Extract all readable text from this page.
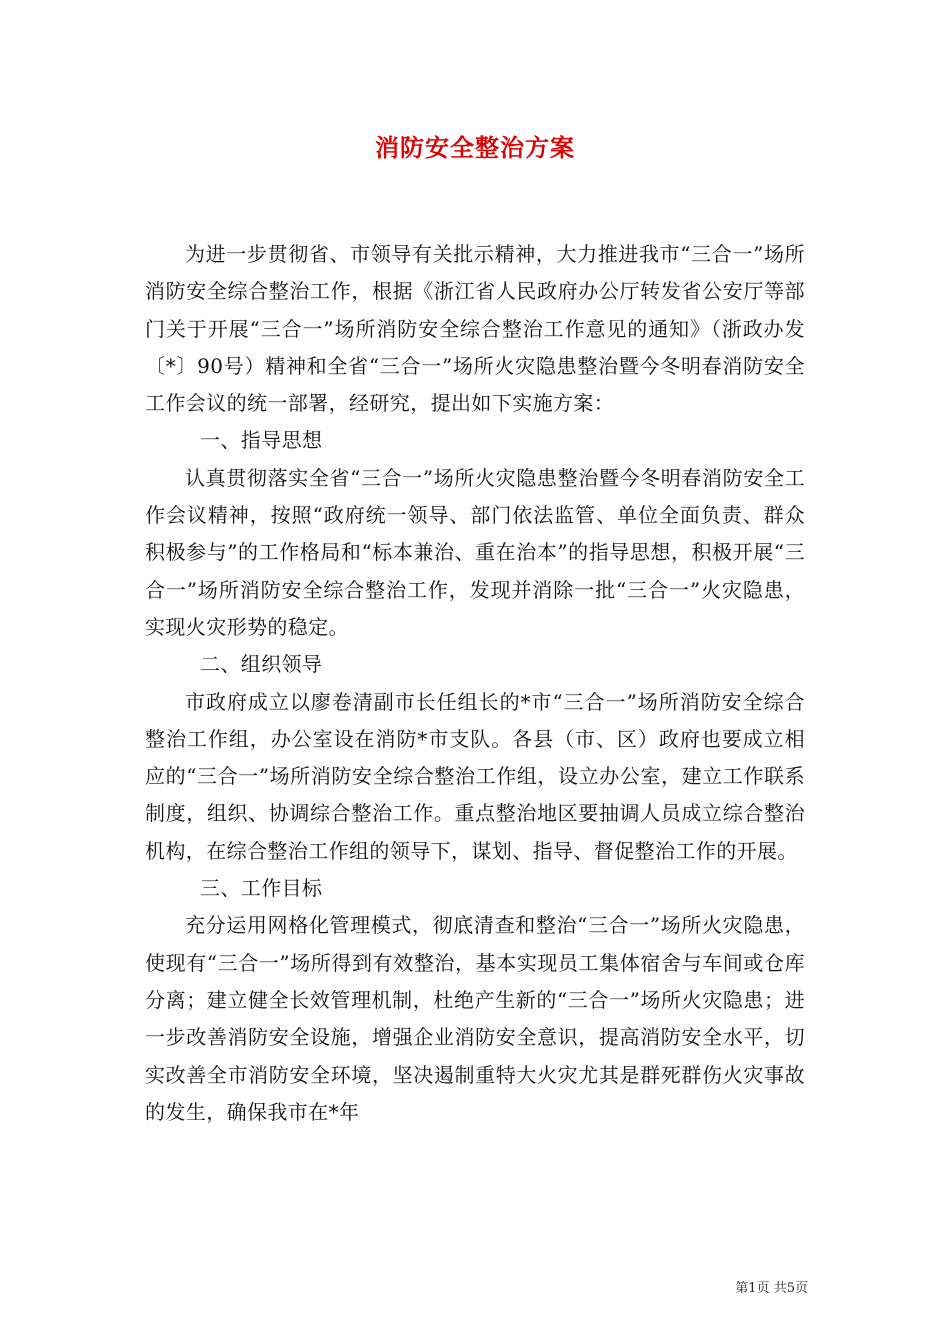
消防安全整治方案

为进一步贯彻省、市领导有关批示精神，大力推进我市“三合一”场所消防安全综合整治工作，根据《浙江省人民政府办公厅转发省公安厅等部门关于开展“三合一”场所消防安全综合整治工作意见的通知》（浙政办发〔*〕90号）精神和全省“三合一”场所火灾隐患整治暨今冬明春消防安全工作会议的统一部署，经研究，提出如下实施方案：

一、指导思想

认真贯彻落实全省“三合一”场所火灾隐患整治暨今冬明春消防安全工作会议精神，按照“政府统一领导、部门依法监管、单位全面负责、群众积极参与”的工作格局和“标本兼治、重在治本”的指导思想，积极开展“三合一”场所消防安全综合整治工作，发现并消除一批“三合一”火灾隐患，实现火灾形势的稳定。

二、组织领导

市政府成立以廖卷清副市长任组长的*市“三合一”场所消防安全综合整治工作组，办公室设在消防*市支队。各县（市、区）政府也要成立相应的“三合一”场所消防安全综合整治工作组，设立办公室，建立工作联系制度，组织、协调综合整治工作。重点整治地区要抽调人员成立综合整治机构，在综合整治工作组的领导下，谋划、指导、督促整治工作的开展。

三、工作目标

充分运用网格化管理模式，彻底清查和整治“三合一”场所火灾隐患，使现有“三合一”场所得到有效整治，基本实现员工集体宿舍与车间或仓库分离；建立健全长效管理机制，杜绝产生新的“三合一”场所火灾隐患；进一步改善消防安全设施，增强企业消防安全意识，提高消防安全水平，切实改善全市消防安全环境，坚决遏制重特大火灾尤其是群死群伤火灾事故的发生，确保我市在*年

第1页 共5页
